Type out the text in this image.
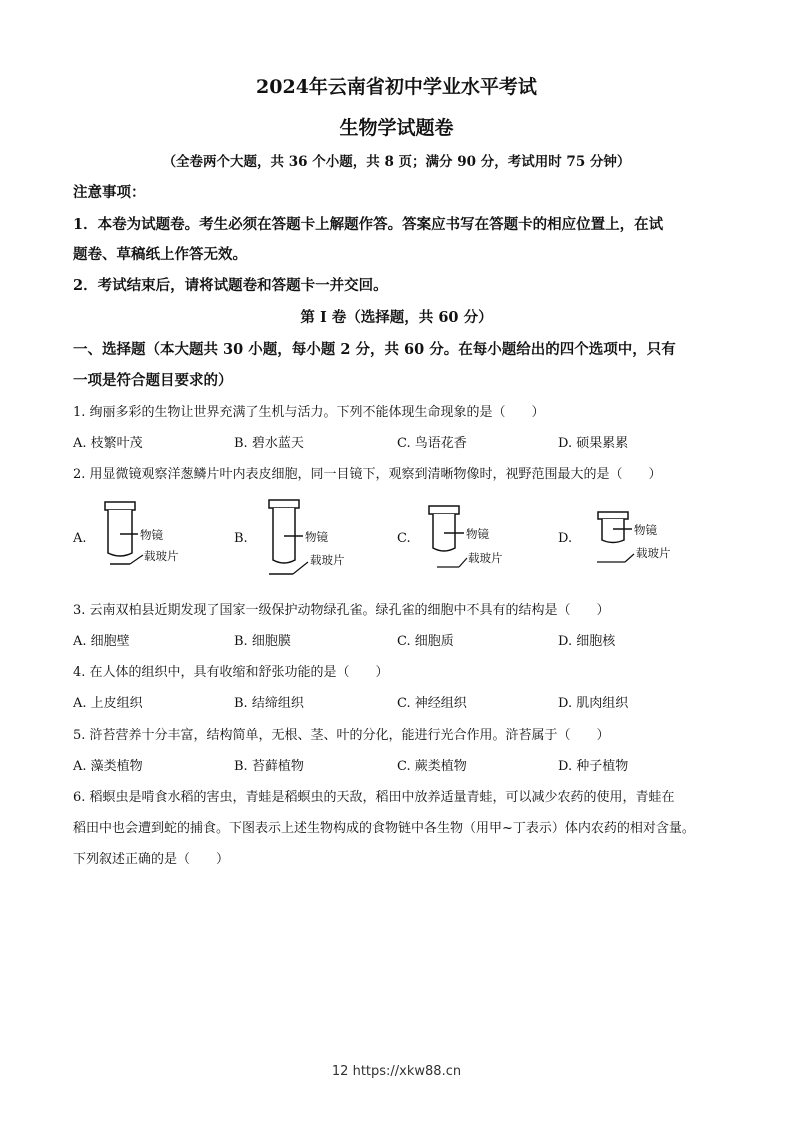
2024年云南省初中学业水平考试
生物学试题卷
（全卷两个大题，共 36 个小题，共 8 页；满分 90 分，考试用时 75 分钟）
注意事项：
1．本卷为试题卷。考生必须在答题卡上解题作答。答案应书写在答题卡的相应位置上，在试
题卷、草稿纸上作答无效。
2．考试结束后，请将试题卷和答题卡一并交回。
第 I 卷（选择题，共 60 分）
一、选择题（本大题共 30 小题，每小题 2 分，共 60 分。在每小题给出的四个选项中，只有
一项是符合题目要求的）
1. 绚丽多彩的生物让世界充满了生机与活力。下列不能体现生命现象的是（　　）
A. 枝繁叶茂	B. 碧水蓝天	C. 鸟语花香	D. 硕果累累
2. 用显微镜观察洋葱鳞片叶内表皮细胞，同一目镜下，观察到清晰物像时，视野范围最大的是（　　）
A.	B.	C.	D.
物镜
载玻片
物镜
载玻片
物镜
载玻片
物镜
载玻片
3. 云南双柏县近期发现了国家一级保护动物绿孔雀。绿孔雀的细胞中不具有的结构是（　　）
A. 细胞壁	B. 细胞膜	C. 细胞质	D. 细胞核
4. 在人体的组织中，具有收缩和舒张功能的是（　　）
A. 上皮组织	B. 结缔组织	C. 神经组织	D. 肌肉组织
5. 浒苔营养十分丰富，结构简单，无根、茎、叶的分化，能进行光合作用。浒苔属于（　　）
A. 藻类植物	B. 苔藓植物	C. 蕨类植物	D. 种子植物
6. 稻螟虫是啃食水稻的害虫，青蛙是稻螟虫的天敌，稻田中放养适量青蛙，可以减少农药的使用，青蛙在
稻田中也会遭到蛇的捕食。下图表示上述生物构成的食物链中各生物（用甲~丁表示）体内农药的相对含量。
下列叙述正确的是（　　）
12 https://xkw88.cn
